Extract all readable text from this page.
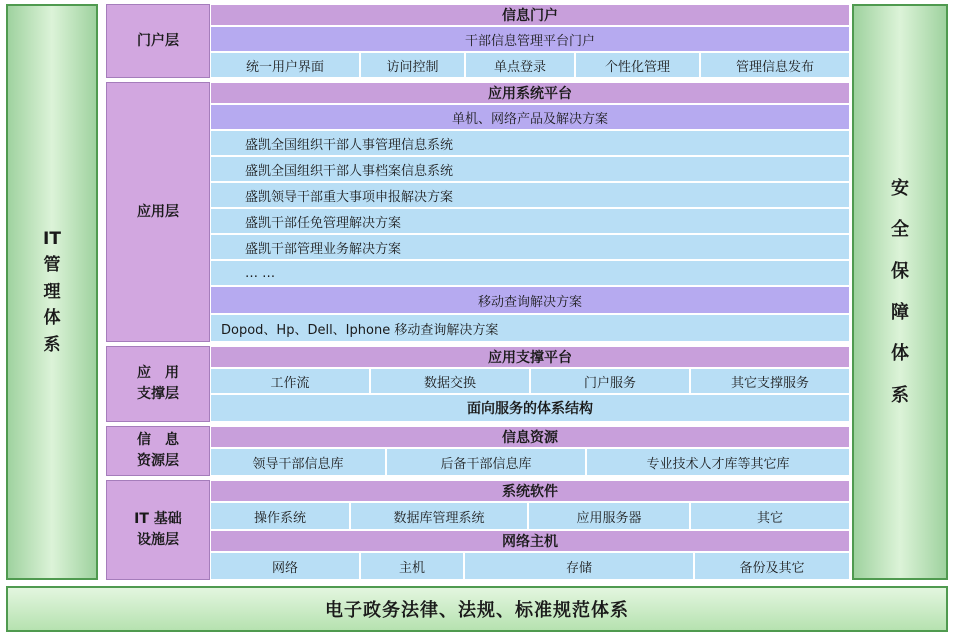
IT
管
理
体
系
安
全
保
障
体
系
门户层
信息门户
干部信息管理平台门户
统一用户界面	访问控制	单点登录	个性化管理	管理信息发布
应用层
应用系统平台
单机、网络产品及解决方案
盛凯全国组织干部人事管理信息系统
盛凯全国组织干部人事档案信息系统
盛凯领导干部重大事项申报解决方案
盛凯干部任免管理解决方案
盛凯干部管理业务解决方案
… …
移动查询解决方案
Dopod、Hp、Dell、Iphone 移动查询解决方案
应　用
支撑层
应用支撑平台
工作流	数据交换	门户服务	其它支撑服务
面向服务的体系结构
信　息
资源层
信息资源
领导干部信息库	后备干部信息库	专业技术人才库等其它库
IT 基础
设施层
系统软件
操作系统	数据库管理系统	应用服务器	其它
网络主机
网络	主机	存储	备份及其它
电子政务法律、法规、标准规范体系
